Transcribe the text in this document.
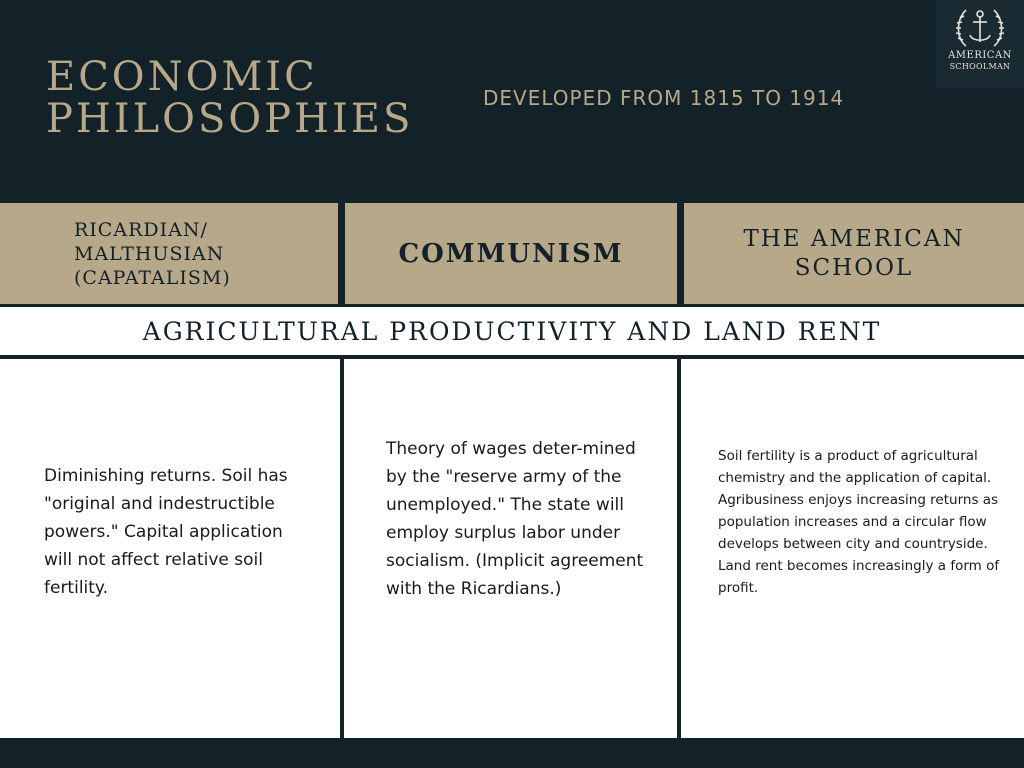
ECONOMIC
PHILOSOPHIES	DEVELOPED FROM 1815 TO 1914
AMERICAN
SCHOOLMAN
RICARDIAN/ MALTHUSIAN (CAPATALISM)
COMMUNISM	THE AMERICAN SCHOOL
AGRICULTURAL PRODUCTIVITY AND LAND RENT
Diminishing returns. Soil has "original and indestructible powers." Capital application will not affect relative soil fertility.
Theory of wages deter-mined by the "reserve army of the unemployed." The state will employ surplus labor under socialism. (Implicit agreement with the Ricardians.)
Soil fertility is a product of agricultural chemistry and the application of capital. Agribusiness enjoys increasing returns as population increases and a circular flow develops between city and countryside. Land rent becomes increasingly a form of profit.
